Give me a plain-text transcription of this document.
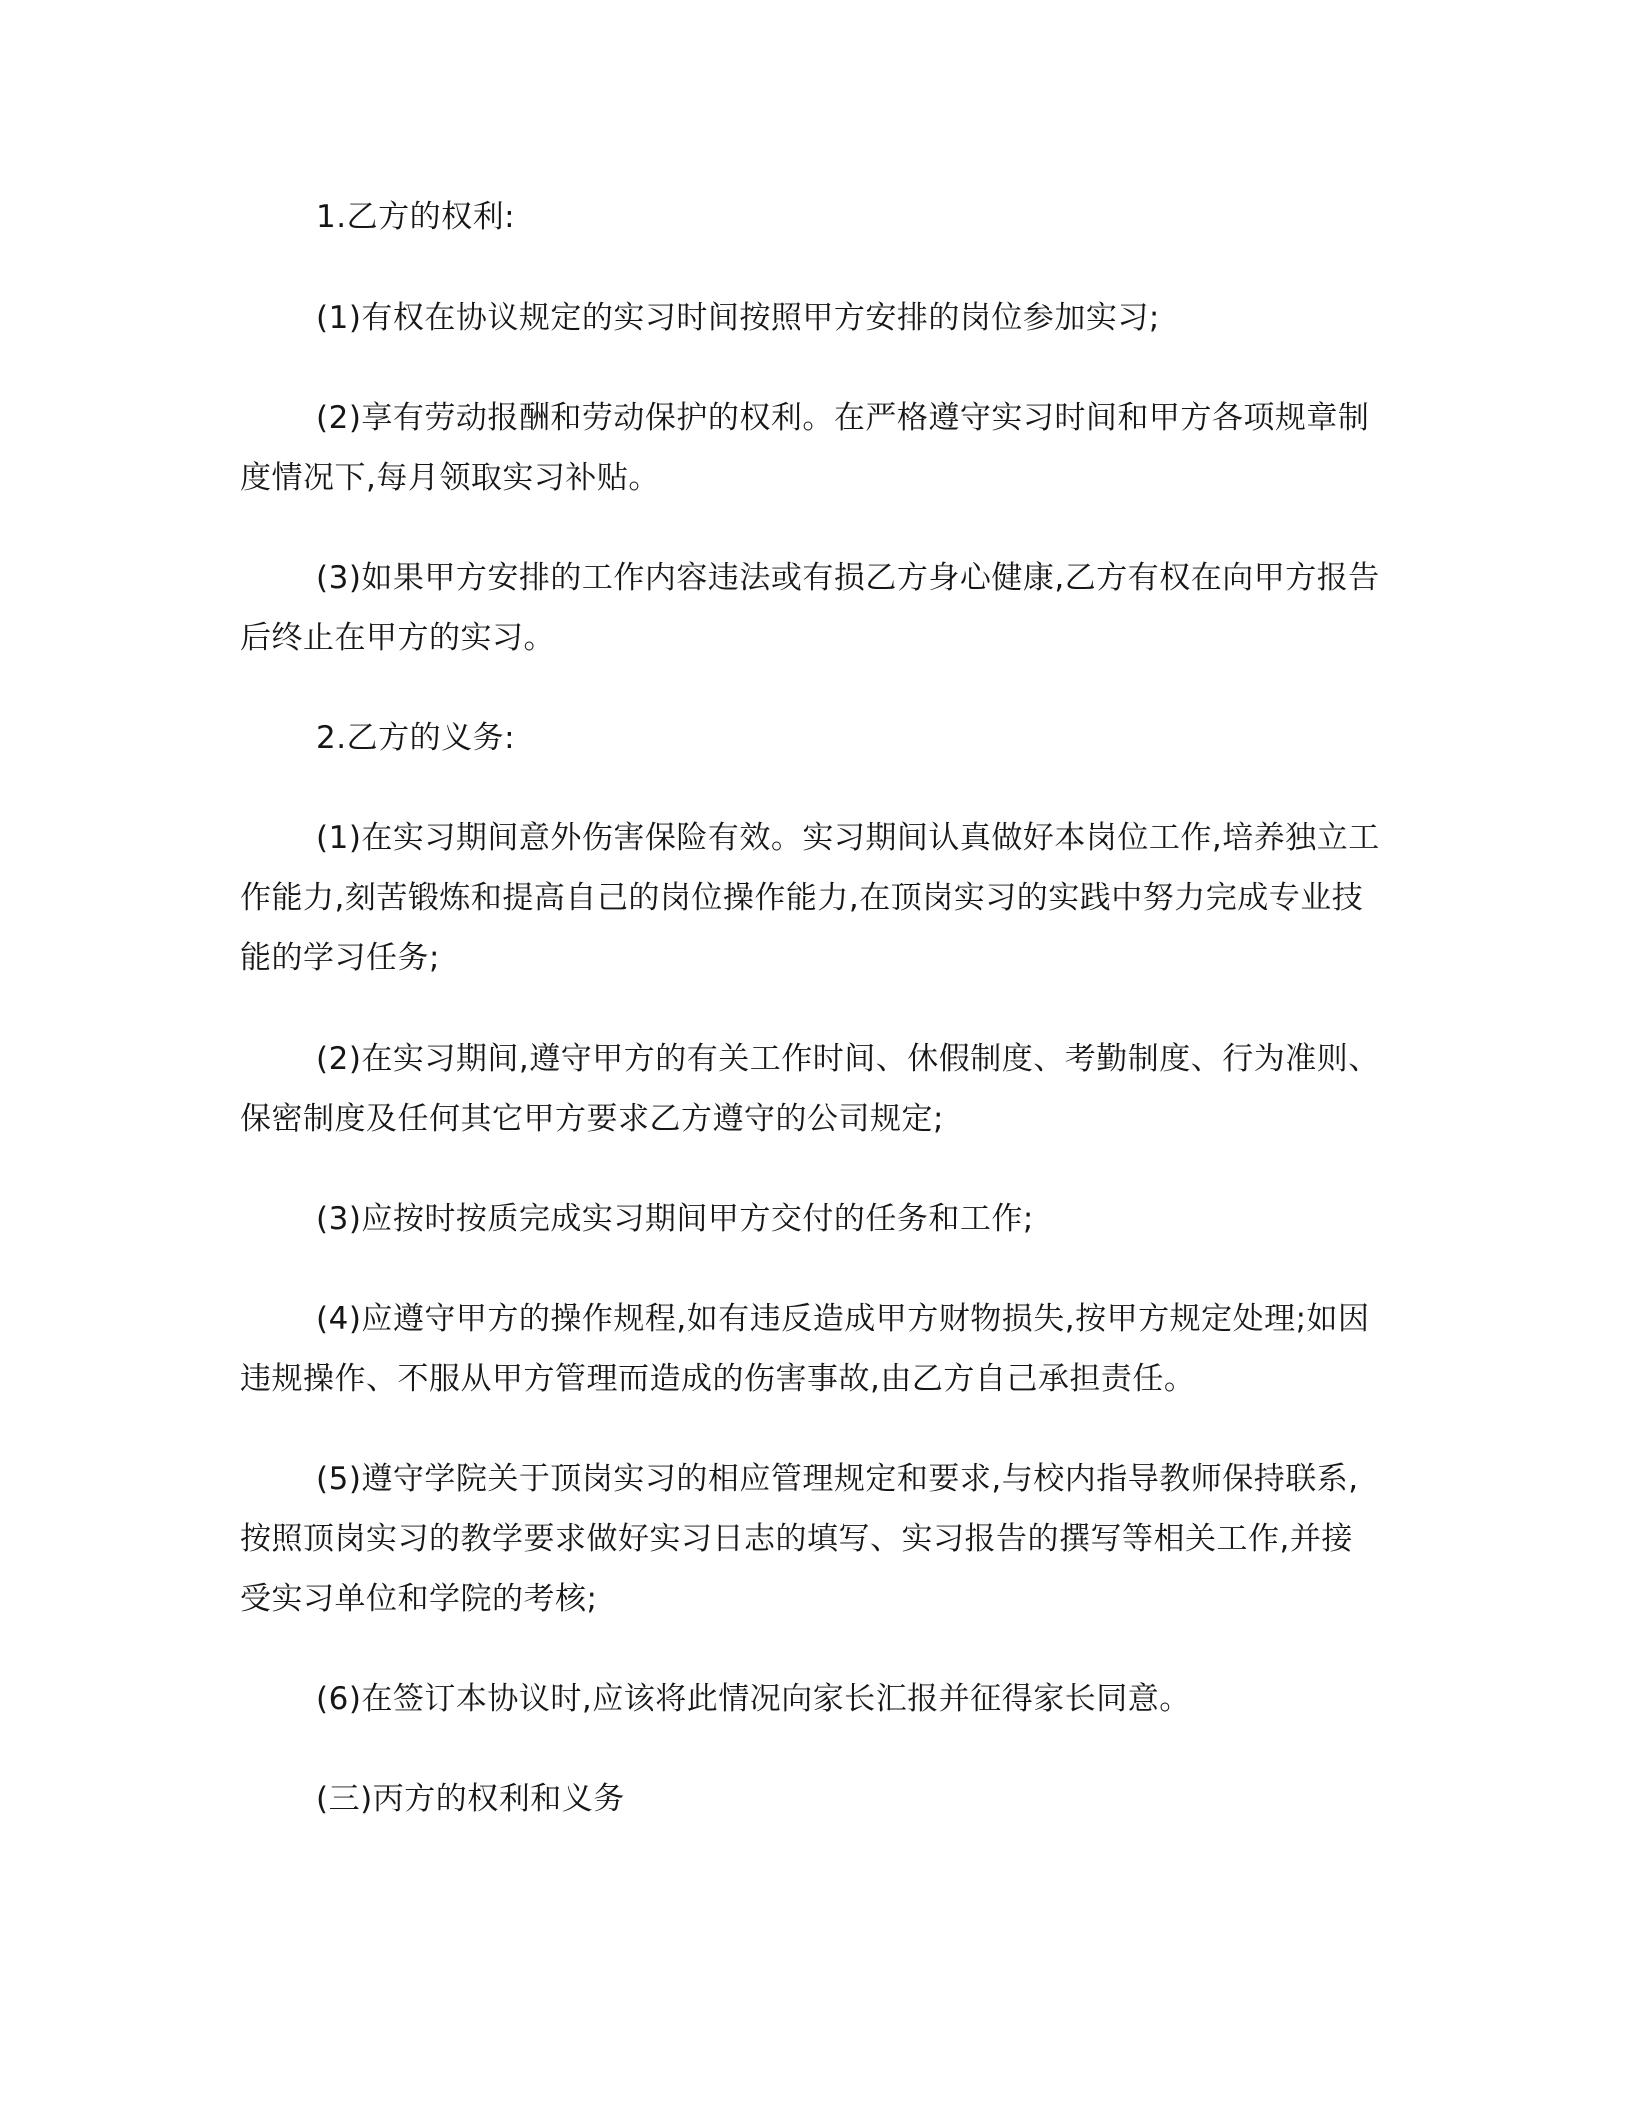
1.乙方的权利:

(1)有权在协议规定的实习时间按照甲方安排的岗位参加实习;

(2)享有劳动报酬和劳动保护的权利。在严格遵守实习时间和甲方各项规章制
度情况下,每月领取实习补贴。

(3)如果甲方安排的工作内容违法或有损乙方身心健康,乙方有权在向甲方报告
后终止在甲方的实习。

2.乙方的义务:

(1)在实习期间意外伤害保险有效。实习期间认真做好本岗位工作,培养独立工
作能力,刻苦锻炼和提高自己的岗位操作能力,在顶岗实习的实践中努力完成专业技
能的学习任务;

(2)在实习期间,遵守甲方的有关工作时间、休假制度、考勤制度、行为准则、
保密制度及任何其它甲方要求乙方遵守的公司规定;

(3)应按时按质完成实习期间甲方交付的任务和工作;

(4)应遵守甲方的操作规程,如有违反造成甲方财物损失,按甲方规定处理;如因
违规操作、不服从甲方管理而造成的伤害事故,由乙方自己承担责任。

(5)遵守学院关于顶岗实习的相应管理规定和要求,与校内指导教师保持联系,
按照顶岗实习的教学要求做好实习日志的填写、实习报告的撰写等相关工作,并接
受实习单位和学院的考核;

(6)在签订本协议时,应该将此情况向家长汇报并征得家长同意。

(三)丙方的权利和义务
